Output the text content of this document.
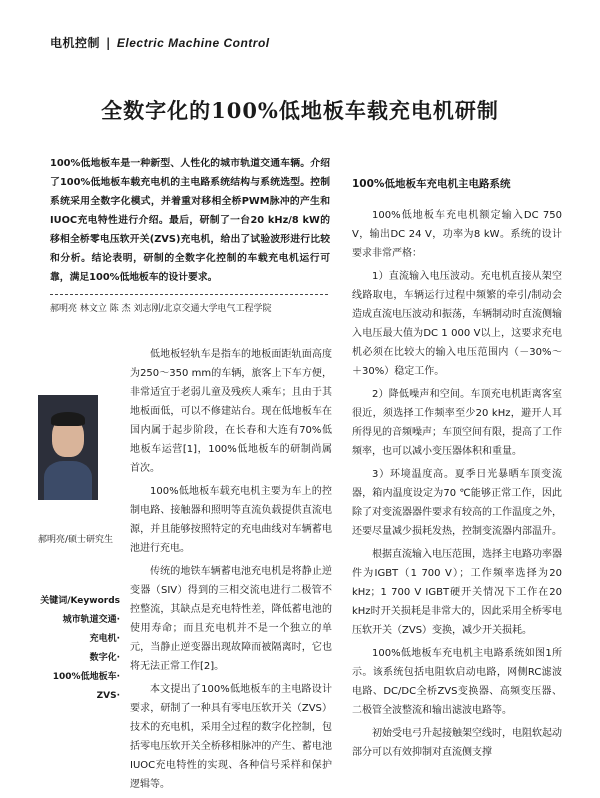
电机控制 | Electric Machine Control
全数字化的100%低地板车载充电机研制
100%低地板车是一种新型、人性化的城市轨道交通车辆。介绍了100%低地板车载充电机的主电路系统结构与系统选型。控制系统采用全数字化模式，并着重对移相全桥PWM脉冲的产生和IUOC充电特性进行介绍。最后，研制了一台20 kHz/8 kW的移相全桥零电压软开关(ZVS)充电机，给出了试验波形进行比较和分析。结论表明，研制的全数字化控制的车载充电机运行可靠，满足100%低地板车的设计要求。
郝明亮 林文立 陈 杰 刘志刚/北京交通大学电气工程学院
郝明亮/硕士研究生
关键词/Keywords
城市轨道交通·
充电机·
数字化·
100%低地板车·
ZVS·

低地板轻轨车是指车的地板面距轨面高度为250～350 mm的车辆，旅客上下车方便，非常适宜于老弱儿童及残疾人乘车；且由于其地板面低，可以不修建站台。现在低地板车在国内属于起步阶段，在长春和大连有70%低地板车运营[1]，100%低地板车的研制尚属首次。

100%低地板车载充电机主要为车上的控制电路、接触器和照明等直流负载提供直流电源，并且能够按照特定的充电曲线对车辆蓄电池进行充电。

传统的地铁车辆蓄电池充电机是将静止逆变器（SIV）得到的三相交流电进行二极管不控整流，其缺点是充电特性差，降低蓄电池的使用寿命；而且充电机并不是一个独立的单元，当静止逆变器出现故障而被隔离时，它也将无法正常工作[2]。

本文提出了100%低地板车的主电路设计要求，研制了一种具有零电压软开关（ZVS）技术的充电机，采用全过程的数字化控制，包括零电压软开关全桥移相脉冲的产生、蓄电池IUOC充电特性的实现、各种信号采样和保护逻辑等。

100%低地板车充电机主电路系统

100%低地板车充电机额定输入DC 750 V，输出DC 24 V，功率为8 kW。系统的设计要求非常严格：

1）直流输入电压波动。充电机直接从架空线路取电，车辆运行过程中频繁的牵引/制动会造成直流电压波动和振荡，车辆制动时直流侧输入电压最大值为DC 1 000 V以上，这要求充电机必须在比较大的输入电压范围内（－30%～＋30%）稳定工作。

2）降低噪声和空间。车顶充电机距离客室很近，须选择工作频率至少20 kHz，避开人耳所得见的音频噪声；车顶空间有限，提高了工作频率，也可以减小变压器体积和重量。

3）环境温度高。夏季日光暴晒车顶变流器，箱内温度设定为70 ℃能够正常工作，因此除了对变流器器件要求有较高的工作温度之外，还要尽量减少损耗发热，控制变流器内部温升。

根据直流输入电压范围，选择主电路功率器件为IGBT（1 700 V）；工作频率选择为20 kHz；1 700 V IGBT硬开关情况下工作在20 kHz时开关损耗是非常大的，因此采用全桥零电压软开关（ZVS）变换，减少开关损耗。

100%低地板车充电机主电路系统如图1所示。该系统包括电阻软启动电路，网侧RC滤波电路、DC/DC全桥ZVS变换器、高频变压器、二极管全波整流和输出滤波电路等。

初始受电弓升起接触架空线时，电阻软起动部分可以有效抑制对直流侧支撑
